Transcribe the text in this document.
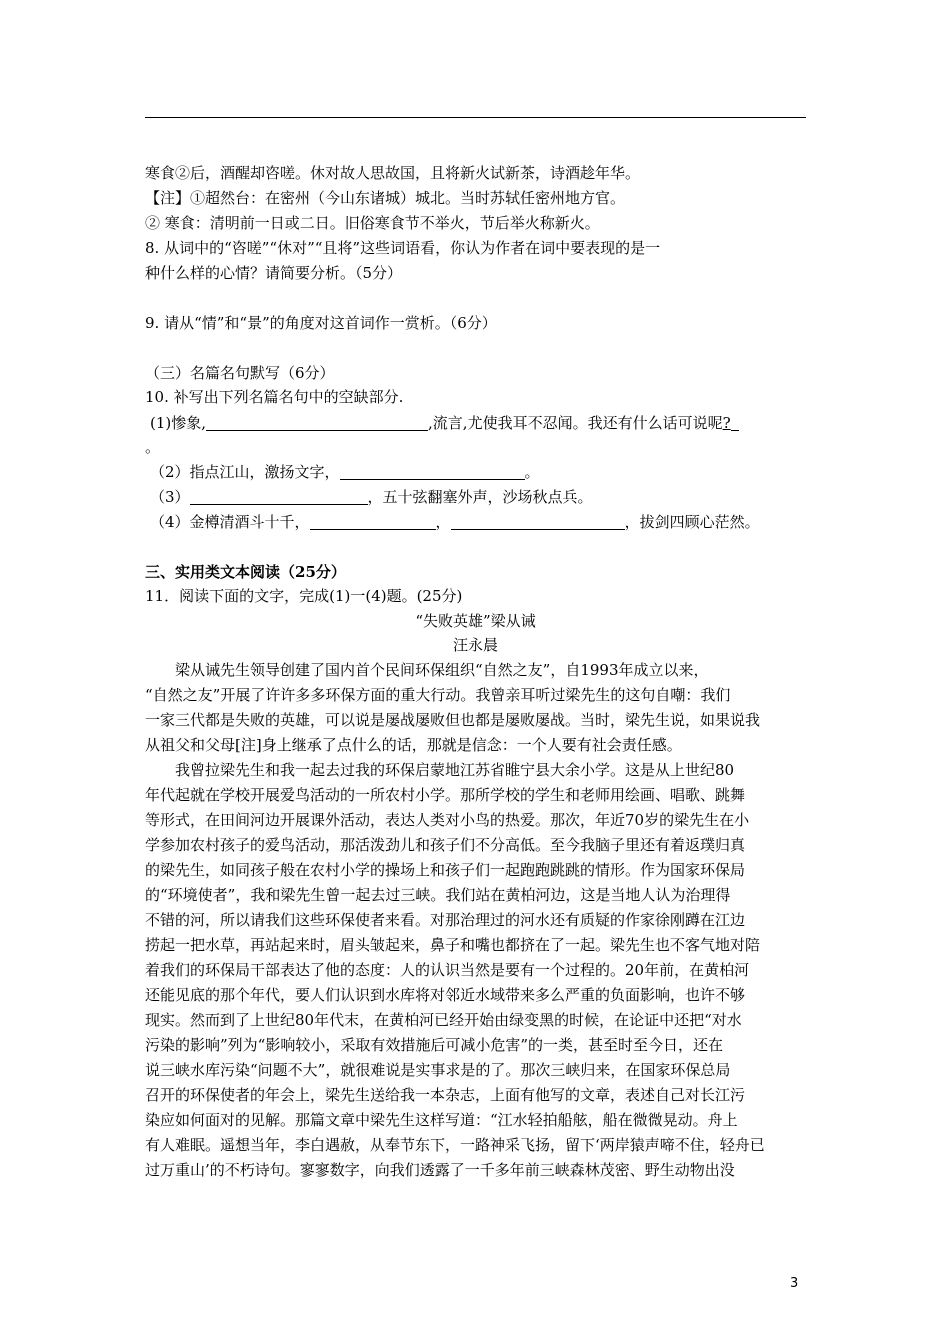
寒食②后，酒醒却咨嗟。休对故人思故国，且将新火试新茶，诗酒趁年华。
【注】①超然台：在密州（今山东诸城）城北。当时苏轼任密州地方官。
② 寒食：清明前一日或二日。旧俗寒食节不举火，节后举火称新火。
8. 从词中的“咨嗟”“休对”“且将”这些词语看，你认为作者在词中要表现的是一
种什么样的心情？请简要分析。（5分）
9. 请从“情”和“景”的角度对这首词作一赏析。（6分）
（三）名篇名句默写（6分）
10. 补写出下列名篇名句中的空缺部分.
(1)惨象,	,流言,尤使我耳不忍闻。我还有什么话可说呢?
。
（2）指点江山，激扬文字，	。
（3）	，五十弦翻塞外声，沙场秋点兵。
（4）金樽清酒斗十千，	，	，拔剑四顾心茫然。
三、实用类文本阅读（25分）
11．阅读下面的文字，完成(1)一(4)题。(25分)
“失败英雄”梁从诫
汪永晨
梁从诫先生领导创建了国内首个民间环保组织“自然之友”，自1993年成立以来，
“自然之友”开展了许许多多环保方面的重大行动。我曾亲耳听过梁先生的这句自嘲：我们
一家三代都是失败的英雄，可以说是屡战屡败但也都是屡败屡战。当时，梁先生说，如果说我
从祖父和父母[注]身上继承了点什么的话，那就是信念：一个人要有社会责任感。
我曾拉梁先生和我一起去过我的环保启蒙地江苏省睢宁县大余小学。这是从上世纪80
年代起就在学校开展爱鸟活动的一所农村小学。那所学校的学生和老师用绘画、唱歌、跳舞
等形式，在田间河边开展课外活动，表达人类对小鸟的热爱。那次，年近70岁的梁先生在小
学参加农村孩子的爱鸟活动，那活泼劲儿和孩子们不分高低。至今我脑子里还有着返璞归真
的梁先生，如同孩子般在农村小学的操场上和孩子们一起跑跑跳跳的情形。作为国家环保局
的“环境使者”，我和梁先生曾一起去过三峡。我们站在黄柏河边，这是当地人认为治理得
不错的河，所以请我们这些环保使者来看。对那治理过的河水还有质疑的作家徐刚蹲在江边
捞起一把水草，再站起来时，眉头皱起来，鼻子和嘴也都挤在了一起。梁先生也不客气地对陪
着我们的环保局干部表达了他的态度：人的认识当然是要有一个过程的。20年前，在黄柏河
还能见底的那个年代，要人们认识到水库将对邻近水域带来多么严重的负面影响，也许不够
现实。然而到了上世纪80年代末，在黄柏河已经开始由绿变黑的时候，在论证中还把“对水
污染的影响”列为“影响较小，采取有效措施后可减小危害”的一类，甚至时至今日，还在
说三峡水库污染“问题不大”，就很难说是实事求是的了。那次三峡归来，在国家环保总局
召开的环保使者的年会上，梁先生送给我一本杂志，上面有他写的文章，表述自己对长江污
染应如何面对的见解。那篇文章中梁先生这样写道：“江水轻拍船舷，船在微微晃动。舟上
有人难眠。遥想当年，李白遇赦，从奉节东下，一路神采飞扬，留下‘两岸猿声啼不住，轻舟已
过万重山’的不朽诗句。寥寥数字，向我们透露了一千多年前三峡森林茂密、野生动物出没
3
